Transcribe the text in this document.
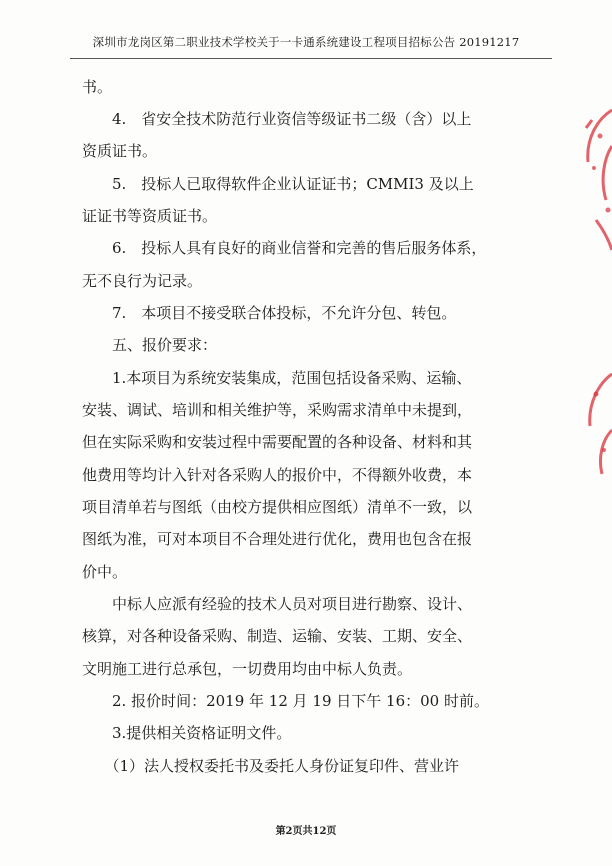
深圳市龙岗区第二职业技术学校关于一卡通系统建设工程项目招标公告 20191217
书。
　　4.　省安全技术防范行业资信等级证书二级（含）以上
资质证书。
　　5.　投标人已取得软件企业认证证书；CMMI3 及以上
证证书等资质证书。
　　6.　投标人具有良好的商业信誉和完善的售后服务体系，
无不良行为记录。
　　7.　本项目不接受联合体投标，不允许分包、转包。
　　五、报价要求：
　　1.本项目为系统安装集成，范围包括设备采购、运输、
安装、调试、培训和相关维护等，采购需求清单中未提到，
但在实际采购和安装过程中需要配置的各种设备、材料和其
他费用等均计入针对各采购人的报价中，不得额外收费，本
项目清单若与图纸（由校方提供相应图纸）清单不一致，以
图纸为准，可对本项目不合理处进行优化，费用也包含在报
价中。
　　中标人应派有经验的技术人员对项目进行勘察、设计、
核算，对各种设备采购、制造、运输、安装、工期、安全、
文明施工进行总承包，一切费用均由中标人负责。
　　2. 报价时间：2019 年 12 月 19 日下午 16：00 时前。
　　3.提供相关资格证明文件。
　　（1）法人授权委托书及委托人身份证复印件、营业许
第2页共12页
